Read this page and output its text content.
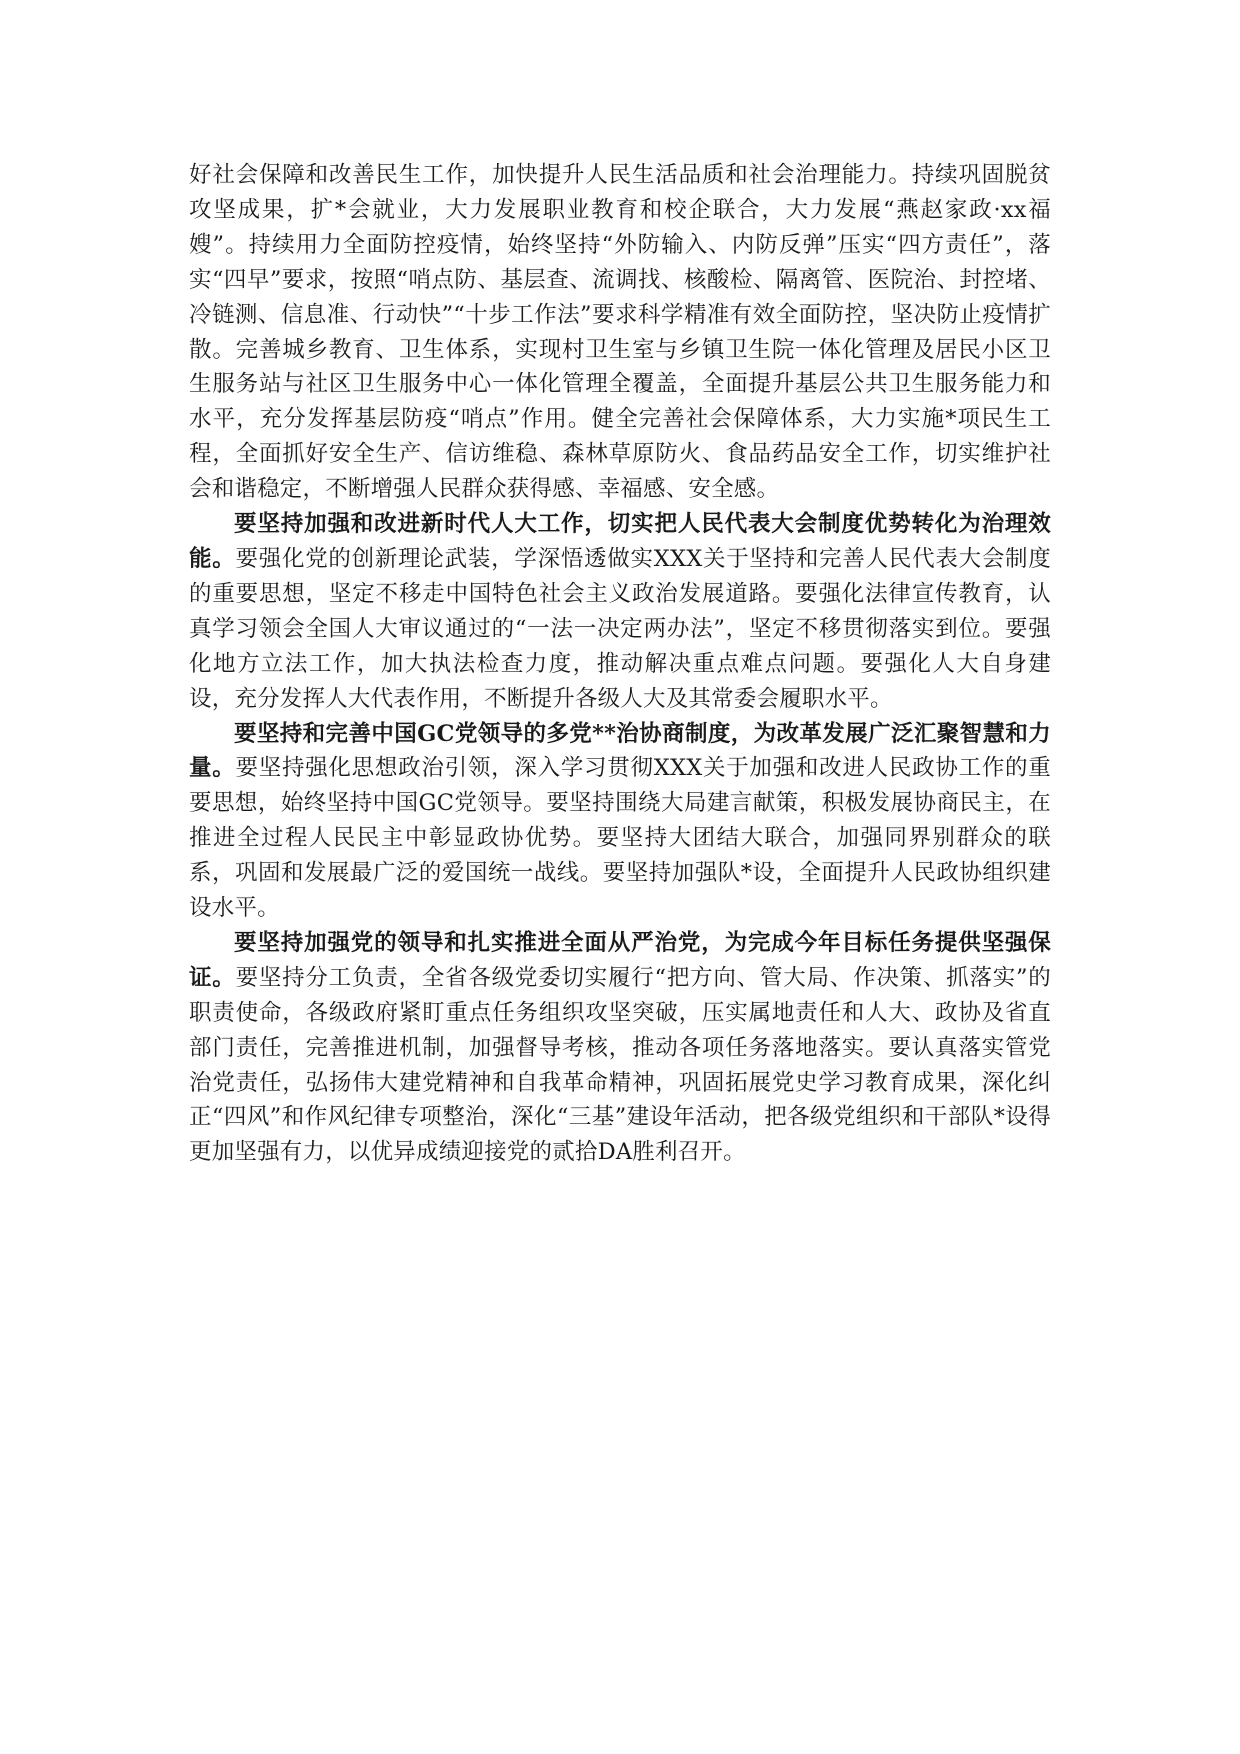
好社会保障和改善民生工作，加快提升人民生活品质和社会治理能力。持续巩固脱贫攻坚成果，扩*会就业，大力发展职业教育和校企联合，大力发展“燕赵家政·xx福嫂”。持续用力全面防控疫情，始终坚持“外防输入、内防反弹”压实“四方责任”，落实“四早”要求，按照“哨点防、基层查、流调找、核酸检、隔离管、医院治、封控堵、冷链测、信息准、行动快”“十步工作法”要求科学精准有效全面防控，坚决防止疫情扩散。完善城乡教育、卫生体系，实现村卫生室与乡镇卫生院一体化管理及居民小区卫生服务站与社区卫生服务中心一体化管理全覆盖，全面提升基层公共卫生服务能力和水平，充分发挥基层防疫“哨点”作用。健全完善社会保障体系，大力实施*项民生工程，全面抓好安全生产、信访维稳、森林草原防火、食品药品安全工作，切实维护社会和谐稳定，不断增强人民群众获得感、幸福感、安全感。

要坚持加强和改进新时代人大工作，切实把人民代表大会制度优势转化为治理效能。要强化党的创新理论武装，学深悟透做实XXX关于坚持和完善人民代表大会制度的重要思想，坚定不移走中国特色社会主义政治发展道路。要强化法律宣传教育，认真学习领会全国人大审议通过的“一法一决定两办法”，坚定不移贯彻落实到位。要强化地方立法工作，加大执法检查力度，推动解决重点难点问题。要强化人大自身建设，充分发挥人大代表作用，不断提升各级人大及其常委会履职水平。

要坚持和完善中国GC党领导的多党**治协商制度，为改革发展广泛汇聚智慧和力量。要坚持强化思想政治引领，深入学习贯彻XXX关于加强和改进人民政协工作的重要思想，始终坚持中国GC党领导。要坚持围绕大局建言献策，积极发展协商民主，在推进全过程人民民主中彰显政协优势。要坚持大团结大联合，加强同界别群众的联系，巩固和发展最广泛的爱国统一战线。要坚持加强队*设，全面提升人民政协组织建设水平。

要坚持加强党的领导和扎实推进全面从严治党，为完成今年目标任务提供坚强保证。要坚持分工负责，全省各级党委切实履行“把方向、管大局、作决策、抓落实”的职责使命，各级政府紧盯重点任务组织攻坚突破，压实属地责任和人大、政协及省直部门责任，完善推进机制，加强督导考核，推动各项任务落地落实。要认真落实管党治党责任，弘扬伟大建党精神和自我革命精神，巩固拓展党史学习教育成果，深化纠正“四风”和作风纪律专项整治，深化“三基”建设年活动，把各级党组织和干部队*设得更加坚强有力，以优异成绩迎接党的贰拾DA胜利召开。
